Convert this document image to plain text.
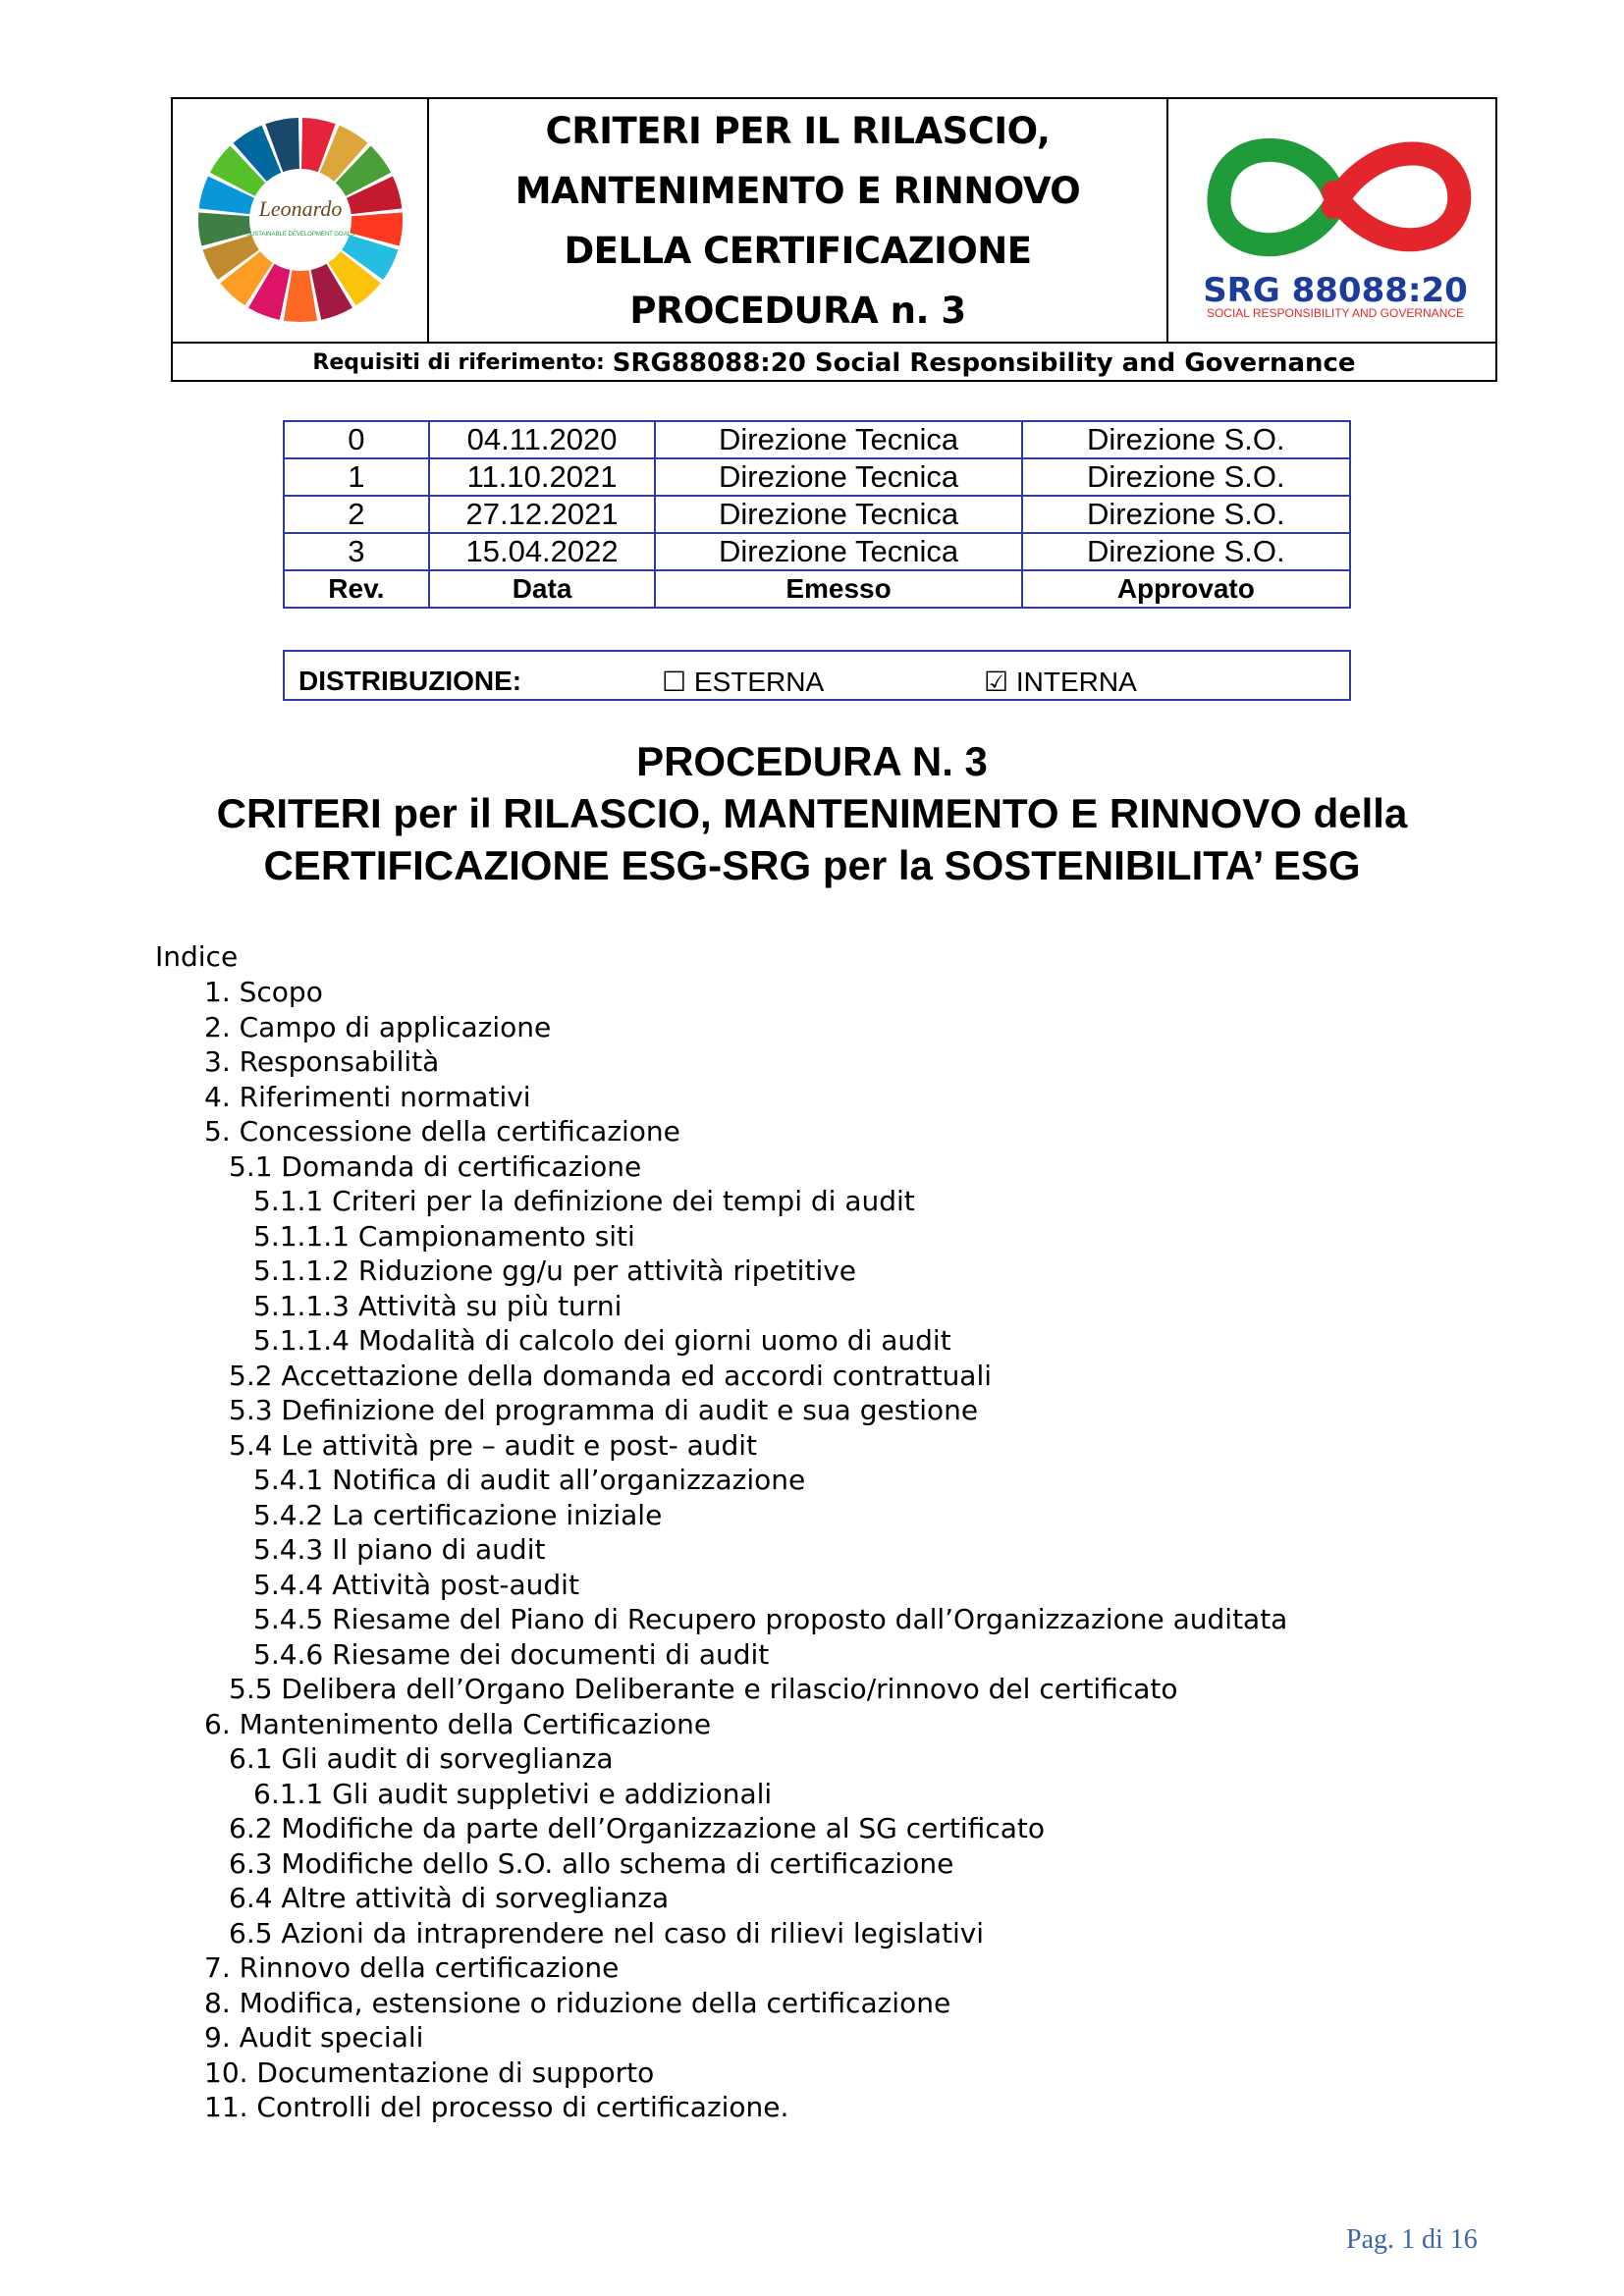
Leonardo
SUSTAINABLE DEVELOPMENT GOALS
CRITERI PER IL RILASCIO,
MANTENIMENTO E RINNOVO
DELLA CERTIFICAZIONE
PROCEDURA n. 3	SRG 88088:20
SOCIAL RESPONSIBILITY AND GOVERNANCE
Requisiti di riferimento: SRG88088:20 Social Responsibility and Governance
0	04.11.2020	Direzione Tecnica	Direzione S.O.
1	11.10.2021	Direzione Tecnica	Direzione S.O.
2	27.12.2021	Direzione Tecnica	Direzione S.O.
3	15.04.2022	Direzione Tecnica	Direzione S.O.
Rev.	Data	Emesso	Approvato
DISTRIBUZIONE:	☐ ESTERNA	☑ INTERNA
PROCEDURA N. 3
CRITERI per il RILASCIO, MANTENIMENTO E RINNOVO della
CERTIFICAZIONE ESG-SRG per la SOSTENIBILITA’ ESG
Indice
1. Scopo
2. Campo di applicazione
3. Responsabilità
4. Riferimenti normativi
5. Concessione della certificazione
5.1 Domanda di certificazione
5.1.1 Criteri per la definizione dei tempi di audit
5.1.1.1 Campionamento siti
5.1.1.2 Riduzione gg/u per attività ripetitive
5.1.1.3 Attività su più turni
5.1.1.4 Modalità di calcolo dei giorni uomo di audit
5.2 Accettazione della domanda ed accordi contrattuali
5.3 Definizione del programma di audit e sua gestione
5.4 Le attività pre – audit e post- audit
5.4.1 Notifica di audit all’organizzazione
5.4.2 La certificazione iniziale
5.4.3 Il piano di audit
5.4.4 Attività post-audit
5.4.5 Riesame del Piano di Recupero proposto dall’Organizzazione auditata
5.4.6 Riesame dei documenti di audit
5.5 Delibera dell’Organo Deliberante e rilascio/rinnovo del certificato
6. Mantenimento della Certificazione
6.1 Gli audit di sorveglianza
6.1.1 Gli audit suppletivi e addizionali
6.2 Modifiche da parte dell’Organizzazione al SG certificato
6.3 Modifiche dello S.O. allo schema di certificazione
6.4 Altre attività di sorveglianza
6.5 Azioni da intraprendere nel caso di rilievi legislativi
7. Rinnovo della certificazione
8. Modifica, estensione o riduzione della certificazione
9. Audit speciali
10. Documentazione di supporto
11. Controlli del processo di certificazione.
Pag. 1 di 16
